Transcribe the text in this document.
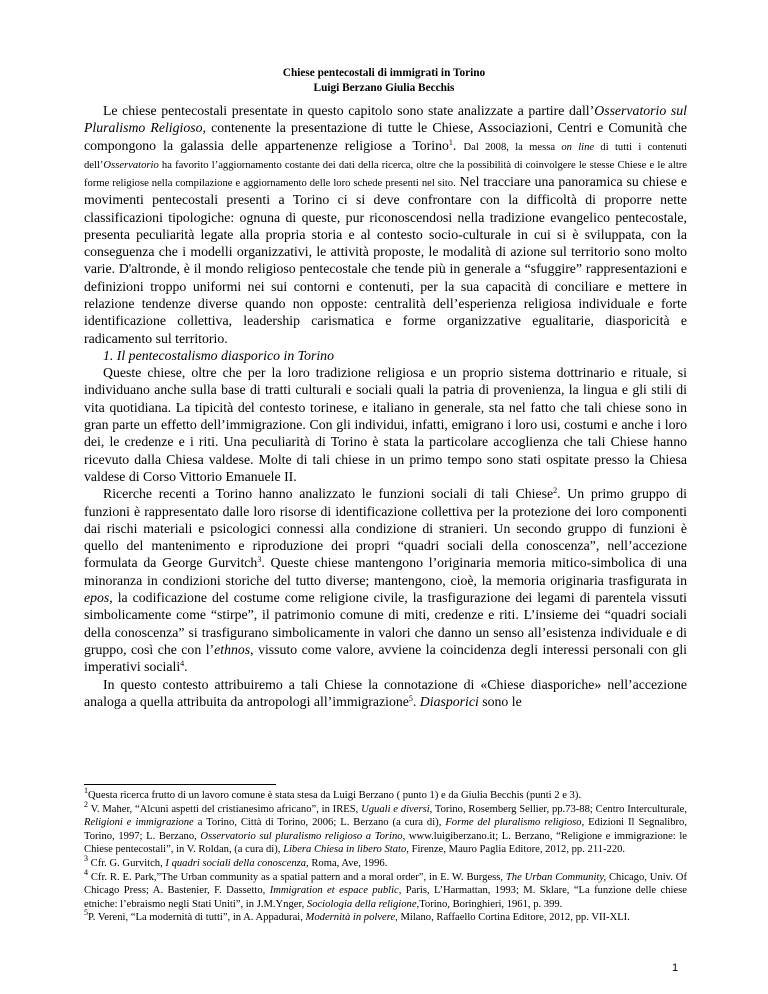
Chiese pentecostali di immigrati in Torino
Luigi Berzano Giulia Becchis

Le chiese pentecostali presentate in questo capitolo sono state analizzate a partire dall’Osservatorio sul Pluralismo Religioso, contenente la presentazione di tutte le Chiese, Associazioni, Centri e Comunità che compongono la galassia delle appartenenze religiose a Torino$^1$. Dal 2008, la messa on line di tutti i contenuti dell’Osservatorio ha favorito l’aggiornamento costante dei dati della ricerca, oltre che la possibilità di coinvolgere le stesse Chiese e le altre forme religiose nella compilazione e aggiornamento delle loro schede presenti nel sito. Nel tracciare una panoramica su chiese e movimenti pentecostali presenti a Torino ci si deve confrontare con la difficoltà di proporre nette classificazioni tipologiche: ognuna di queste, pur riconoscendosi nella tradizione evangelico pentecostale, presenta peculiarità legate alla propria storia e al contesto socio-culturale in cui si è sviluppata, con la conseguenza che i modelli organizzativi, le attività proposte, le modalità di azione sul territorio sono molto varie. D'altronde, è il mondo religioso pentecostale che tende più in generale a “sfuggire” rappresentazioni e definizioni troppo uniformi nei sui contorni e contenuti, per la sua capacità di conciliare e mettere in relazione tendenze diverse quando non opposte: centralità dell’esperienza religiosa individuale e forte identificazione collettiva, leadership carismatica e forme organizzative egualitarie, diasporicità e radicamento sul territorio.

1. Il pentecostalismo diasporico in Torino

Queste chiese, oltre che per la loro tradizione religiosa e un proprio sistema dottrinario e rituale, si individuano anche sulla base di tratti culturali e sociali quali la patria di provenienza, la lingua e gli stili di vita quotidiana. La tipicità del contesto torinese, e italiano in generale, sta nel fatto che tali chiese sono in gran parte un effetto dell’immigrazione. Con gli individui, infatti, emigrano i loro usi, costumi e anche i loro dei, le credenze e i riti. Una peculiarità di Torino è stata la particolare accoglienza che tali Chiese hanno ricevuto dalla Chiesa valdese. Molte di tali chiese in un primo tempo sono stati ospitate presso la Chiesa valdese di Corso Vittorio Emanuele II.

Ricerche recenti a Torino hanno analizzato le funzioni sociali di tali Chiese$^2$. Un primo gruppo di funzioni è rappresentato dalle loro risorse di identificazione collettiva per la protezione dei loro componenti dai rischi materiali e psicologici connessi alla condizione di stranieri. Un secondo gruppo di funzioni è quello del mantenimento e riproduzione dei propri “quadri sociali della conoscenza”, nell’accezione formulata da George Gurvitch$^3$. Queste chiese mantengono l’originaria memoria mitico-simbolica di una minoranza in condizioni storiche del tutto diverse; mantengono, cioè, la memoria originaria trasfigurata in epos, la codificazione del costume come religione civile, la trasfigurazione dei legami di parentela vissuti simbolicamente come “stirpe”, il patrimonio comune di miti, credenze e riti. L’insieme dei “quadri sociali della conoscenza” si trasfigurano simbolicamente in valori che danno un senso all’esistenza individuale e di gruppo, così che con l’ethnos, vissuto come valore, avviene la coincidenza degli interessi personali con gli imperativi sociali$^4$.

In questo contesto attribuiremo a tali Chiese la connotazione di «Chiese diasporiche» nell’accezione analoga a quella attribuita da antropologi all’immigrazione$^5$. Diasporici sono le

$^1$Questa ricerca frutto di un lavoro comune è stata stesa da Luigi Berzano ( punto 1) e da Giulia Becchis (punti 2 e 3).

$^2$ V. Maher, “Alcuni aspetti del cristianesimo africano”, in IRES, Uguali e diversi, Torino, Rosemberg Sellier, pp.73-88; Centro Interculturale, Religioni e immigrazione a Torino, Città di Torino, 2006; L. Berzano (a cura di), Forme del pluralismo religioso, Edizioni Il Segnalibro, Torino, 1997; L. Berzano, Osservatorio sul pluralismo religioso a Torino, www.luigiberzano.it; L. Berzano, “Religione e immigrazione: le Chiese pentecostali”, in V. Roldan, (a cura di), Libera Chiesa in libero Stato, Firenze, Mauro Paglia Editore, 2012, pp. 211-220.

$^3$ Cfr. G. Gurvitch, I quadri sociali della conoscenza, Roma, Ave, 1996.

$^4$ Cfr. R. E. Park,”The Urban community as a spatial pattern and a moral order”, in E. W. Burgess, The Urban Community, Chicago, Univ. Of Chicago Press; A. Bastenier, F. Dassetto, Immigration et espace public, Paris, L’Harmattan, 1993; M. Sklare, “La funzione delle chiese etniche: l’ebraismo negli Stati Uniti”, in J.M.Ynger, Sociologia della religione,Torino, Boringhieri, 1961, p. 399.

$^5$P. Vereni, “La modernità di tutti”, in A. Appadurai, Modernità in polvere, Milano, Raffaello Cortina Editore, 2012, pp. VII-XLI.

1
